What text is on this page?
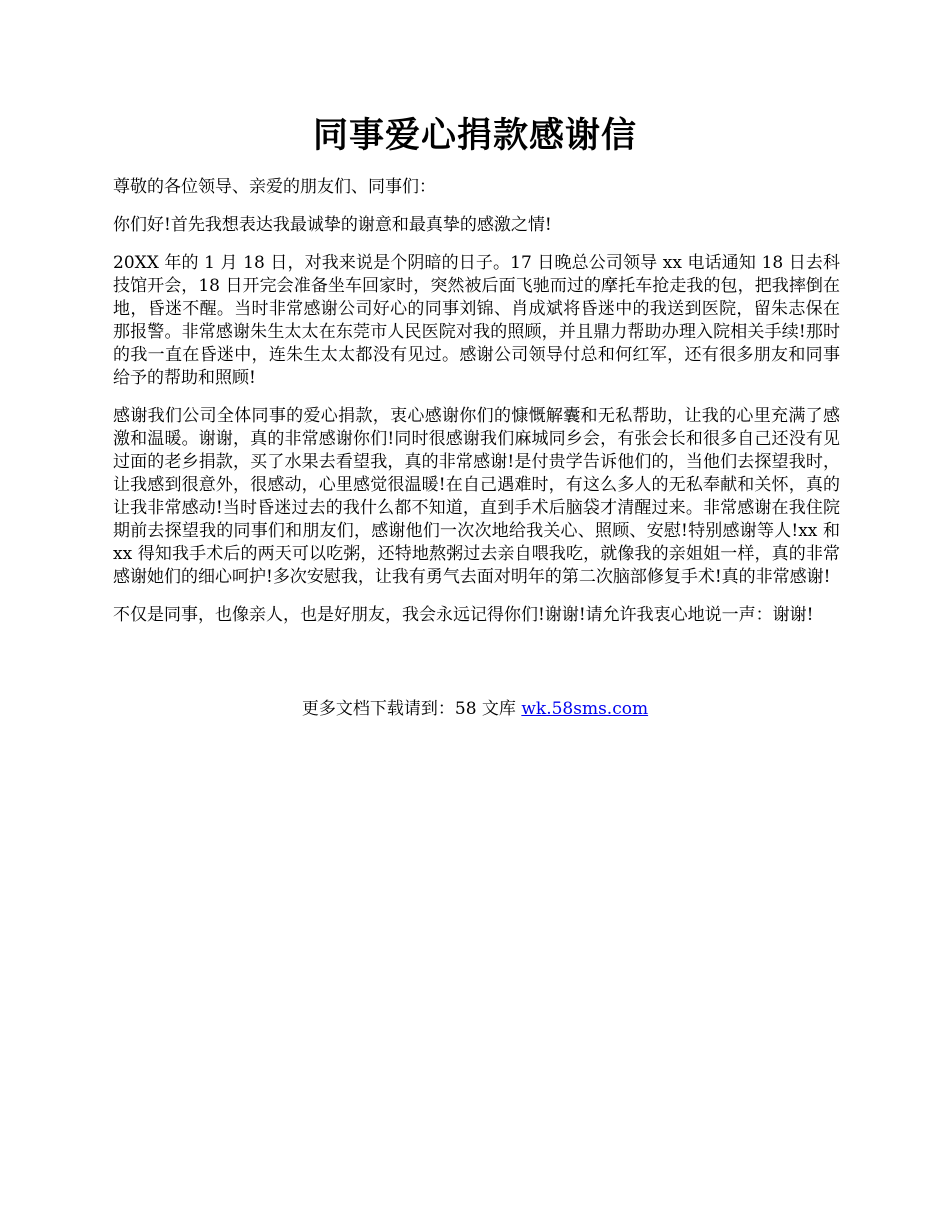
同事爱心捐款感谢信

尊敬的各位领导、亲爱的朋友们、同事们：

你们好!首先我想表达我最诚挚的谢意和最真挚的感激之情!

20XX 年的 1 月 18 日，对我来说是个阴暗的日子。17 日晚总公司领导 xx 电话通知 18 日去科技馆开会，18 日开完会准备坐车回家时，突然被后面飞驰而过的摩托车抢走我的包，把我摔倒在地，昏迷不醒。当时非常感谢公司好心的同事刘锦、肖成斌将昏迷中的我送到医院，留朱志保在那报警。非常感谢朱生太太在东莞市人民医院对我的照顾，并且鼎力帮助办理入院相关手续!那时的我一直在昏迷中，连朱生太太都没有见过。感谢公司领导付总和何红军，还有很多朋友和同事给予的帮助和照顾!

感谢我们公司全体同事的爱心捐款，衷心感谢你们的慷慨解囊和无私帮助，让我的心里充满了感激和温暖。谢谢，真的非常感谢你们!同时很感谢我们麻城同乡会，有张会长和很多自己还没有见过面的老乡捐款，买了水果去看望我，真的非常感谢!是付贵学告诉他们的，当他们去探望我时，让我感到很意外，很感动，心里感觉很温暖!在自己遇难时，有这么多人的无私奉献和关怀，真的让我非常感动!当时昏迷过去的我什么都不知道，直到手术后脑袋才清醒过来。非常感谢在我住院期前去探望我的同事们和朋友们，感谢他们一次次地给我关心、照顾、安慰!特别感谢等人!xx 和 xx 得知我手术后的两天可以吃粥，还特地熬粥过去亲自喂我吃，就像我的亲姐姐一样，真的非常感谢她们的细心呵护!多次安慰我，让我有勇气去面对明年的第二次脑部修复手术!真的非常感谢!

不仅是同事，也像亲人，也是好朋友，我会永远记得你们!谢谢!请允许我衷心地说一声：谢谢!

更多文档下载请到：58 文库 wk.58sms.com
